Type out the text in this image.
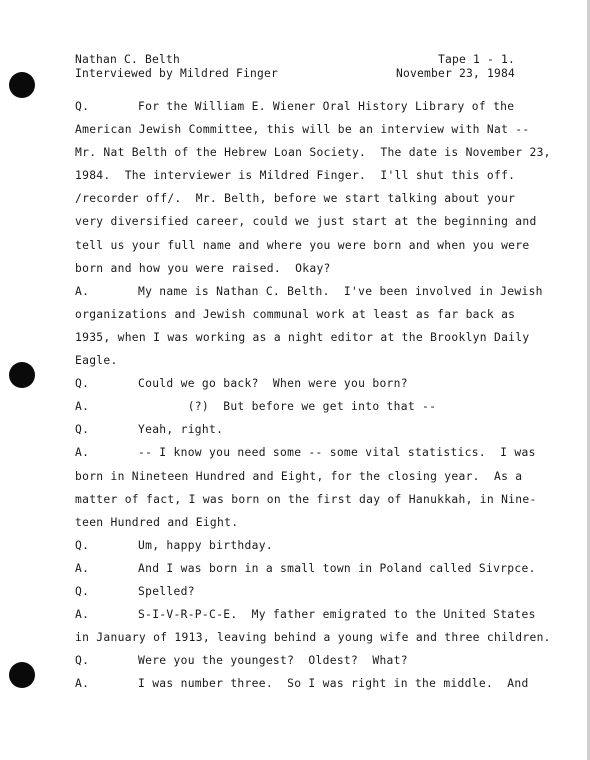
Nathan C. Belth	Tape 1 - 1.
Interviewed by Mildred Finger	November 23, 1984
Q.	For the William E. Wiener Oral History Library of the
American Jewish Committee, this will be an interview with Nat --
Mr. Nat Belth of the Hebrew Loan Society.  The date is November 23,
1984.  The interviewer is Mildred Finger.  I'll shut this off.
/recorder off/.  Mr. Belth, before we start talking about your
very diversified career, could we just start at the beginning and
tell us your full name and where you were born and when you were
born and how you were raised.  Okay?
A.	My name is Nathan C. Belth.  I've been involved in Jewish
organizations and Jewish communal work at least as far back as
1935, when I was working as a night editor at the Brooklyn Daily
Eagle.
Q.	Could we go back?  When were you born?
A.	(?)  But before we get into that --
Q.	Yeah, right.
A.	-- I know you need some -- some vital statistics.  I was
born in Nineteen Hundred and Eight, for the closing year.  As a
matter of fact, I was born on the first day of Hanukkah, in Nine-
teen Hundred and Eight.
Q.	Um, happy birthday.
A.	And I was born in a small town in Poland called Sivrpce.
Q.	Spelled?
A.	S-I-V-R-P-C-E.  My father emigrated to the United States
in January of 1913, leaving behind a young wife and three children.
Q.	Were you the youngest?  Oldest?  What?
A.	I was number three.  So I was right in the middle.  And
